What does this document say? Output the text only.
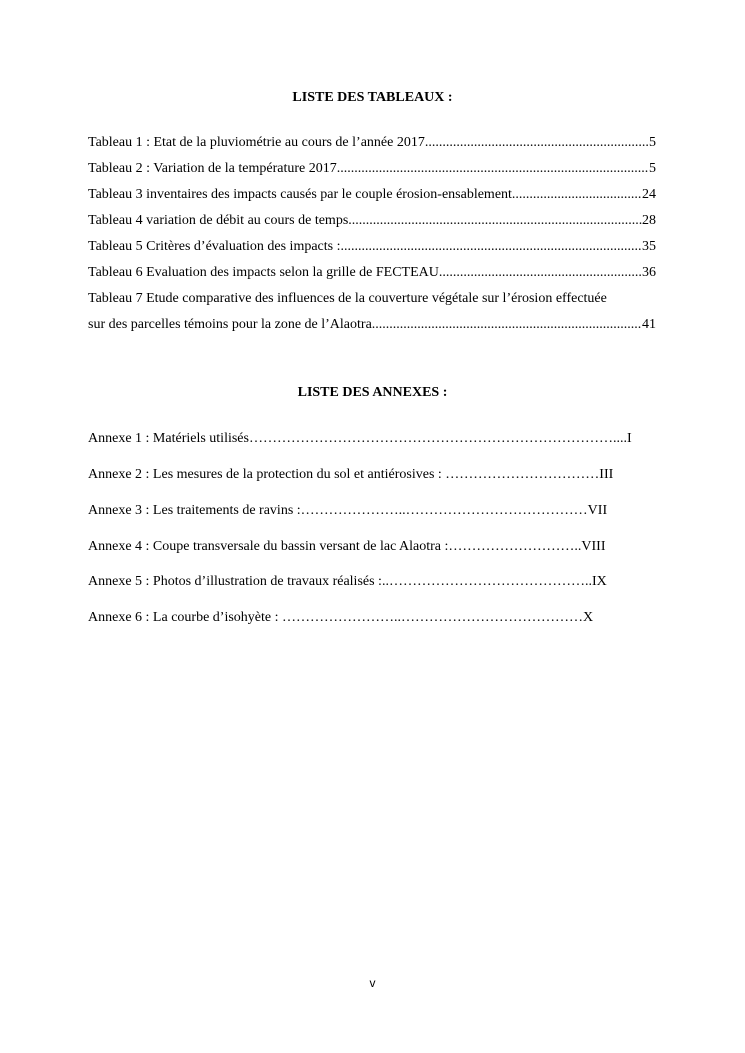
LISTE DES TABLEAUX :
Tableau 1 : Etat de la pluviométrie au cours de l’année 2017 .....	5
Tableau 2 : Variation de la température 2017 .....	5
Tableau 3 inventaires des impacts causés par le couple érosion-ensablement .....	24
Tableau 4 variation de débit au cours de temps .....	28
Tableau 5 Critères d’évaluation des impacts : .....	35
Tableau 6 Evaluation des impacts selon la grille de FECTEAU .....	36
Tableau 7 Etude comparative des influences de la couverture végétale sur l’érosion effectuée
sur des parcelles témoins pour la zone de l’Alaotra .....	41
LISTE DES ANNEXES :
Annexe 1 : Matériels utilisés……………………………………………………………………....I
Annexe 2 : Les mesures de la protection du sol et antiérosives : ……………………………III
Annexe 3 : Les traitements de ravins :…………………..…………………………………VII
Annexe 4 : Coupe transversale du bassin versant de lac Alaotra :………………………..VIII
Annexe 5 : Photos d’illustration de travaux réalisés :..……………………………………..IX
Annexe 6 : La courbe d’isohyète : ……………………..…………………………………X
v
